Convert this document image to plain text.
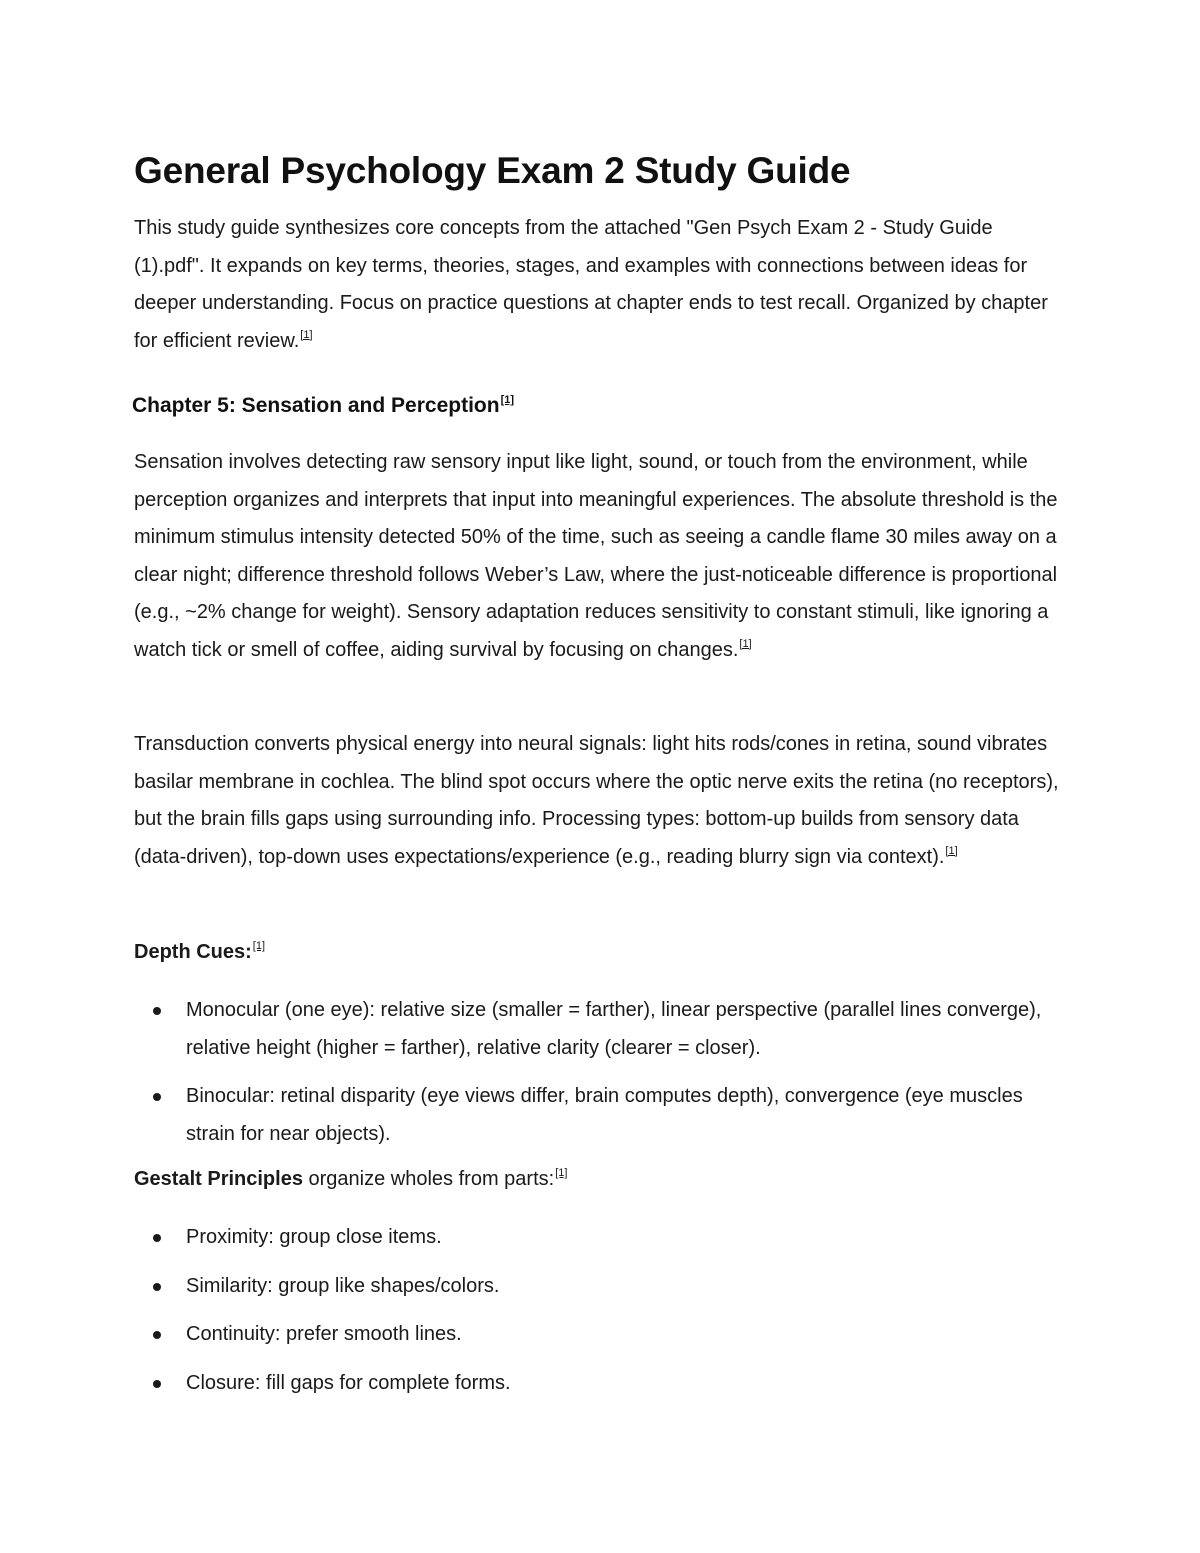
General Psychology Exam 2 Study Guide

This study guide synthesizes core concepts from the attached "Gen Psych Exam 2 - Study Guide (1).pdf". It expands on key terms, theories, stages, and examples with connections between ideas for deeper understanding. Focus on practice questions at chapter ends to test recall. Organized by chapter for efficient review.[1]

Chapter 5: Sensation and Perception[1]

Sensation involves detecting raw sensory input like light, sound, or touch from the environment, while perception organizes and interprets that input into meaningful experiences. The absolute threshold is the minimum stimulus intensity detected 50% of the time, such as seeing a candle flame 30 miles away on a clear night; difference threshold follows Weber’s Law, where the just-noticeable difference is proportional (e.g., ~2% change for weight). Sensory adaptation reduces sensitivity to constant stimuli, like ignoring a watch tick or smell of coffee, aiding survival by focusing on changes.[1]

Transduction converts physical energy into neural signals: light hits rods/cones in retina, sound vibrates basilar membrane in cochlea. The blind spot occurs where the optic nerve exits the retina (no receptors), but the brain fills gaps using surrounding info. Processing types: bottom-up builds from sensory data (data-driven), top-down uses expectations/experience (e.g., reading blurry sign via context).[1]

Depth Cues:[1]

Monocular (one eye): relative size (smaller = farther), linear perspective (parallel lines converge), relative height (higher = farther), relative clarity (clearer = closer).
Binocular: retinal disparity (eye views differ, brain computes depth), convergence (eye muscles strain for near objects).

Gestalt Principles organize wholes from parts:[1]

Proximity: group close items.
Similarity: group like shapes/colors.
Continuity: prefer smooth lines.
Closure: fill gaps for complete forms.
